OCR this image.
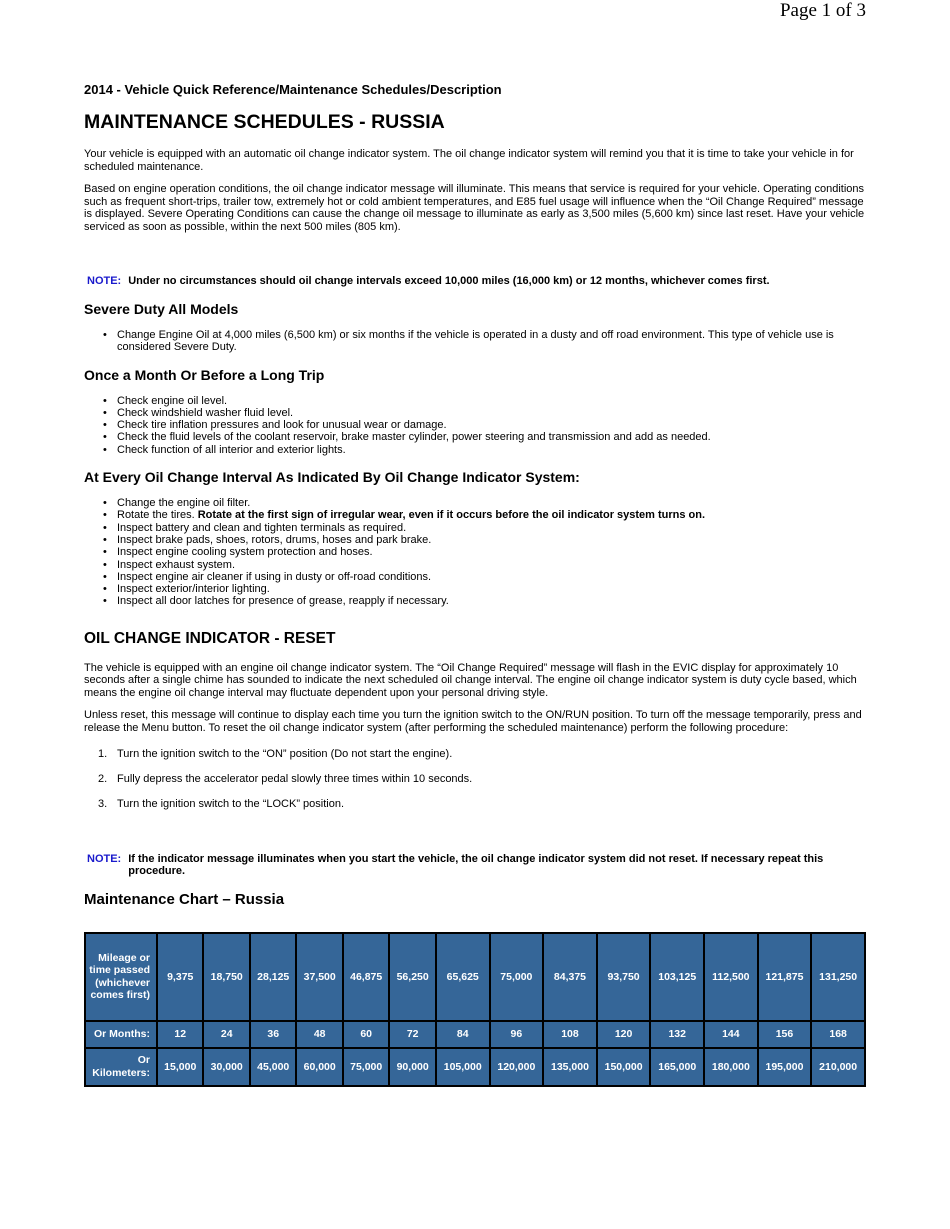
Page 1 of 3
2014 - Vehicle Quick Reference/Maintenance Schedules/Description
MAINTENANCE SCHEDULES - RUSSIA

Your vehicle is equipped with an automatic oil change indicator system. The oil change indicator system will remind you that it is time to take your vehicle in for scheduled maintenance.

Based on engine operation conditions, the oil change indicator message will illuminate. This means that service is required for your vehicle. Operating conditions such as frequent short-trips, trailer tow, extremely hot or cold ambient temperatures, and E85 fuel usage will influence when the “Oil Change Required” message is displayed. Severe Operating Conditions can cause the change oil message to illuminate as early as 3,500 miles (5,600 km) since last reset. Have your vehicle serviced as soon as possible, within the next 500 miles (805 km).

NOTE: Under no circumstances should oil change intervals exceed 10,000 miles (16,000 km) or 12 months, whichever comes first.
Severe Duty All Models
• Change Engine Oil at 4,000 miles (6,500 km) or six months if the vehicle is operated in a dusty and off road environment. This type of vehicle use is considered Severe Duty.
Once a Month Or Before a Long Trip
• Check engine oil level.
• Check windshield washer fluid level.
• Check tire inflation pressures and look for unusual wear or damage.
• Check the fluid levels of the coolant reservoir, brake master cylinder, power steering and transmission and add as needed.
• Check function of all interior and exterior lights.
At Every Oil Change Interval As Indicated By Oil Change Indicator System:
• Change the engine oil filter.
• Rotate the tires. Rotate at the first sign of irregular wear, even if it occurs before the oil indicator system turns on.
• Inspect battery and clean and tighten terminals as required.
• Inspect brake pads, shoes, rotors, drums, hoses and park brake.
• Inspect engine cooling system protection and hoses.
• Inspect exhaust system.
• Inspect engine air cleaner if using in dusty or off-road conditions.
• Inspect exterior/interior lighting.
• Inspect all door latches for presence of grease, reapply if necessary.
OIL CHANGE INDICATOR - RESET

The vehicle is equipped with an engine oil change indicator system. The “Oil Change Required” message will flash in the EVIC display for approximately 10 seconds after a single chime has sounded to indicate the next scheduled oil change interval. The engine oil change indicator system is duty cycle based, which means the engine oil change interval may fluctuate dependent upon your personal driving style.

Unless reset, this message will continue to display each time you turn the ignition switch to the ON/RUN position. To turn off the message temporarily, press and release the Menu button. To reset the oil change indicator system (after performing the scheduled maintenance) perform the following procedure:

1. Turn the ignition switch to the “ON” position (Do not start the engine).
2. Fully depress the accelerator pedal slowly three times within 10 seconds.
3. Turn the ignition switch to the “LOCK” position.
NOTE: If the indicator message illuminates when you start the vehicle, the oil change indicator system did not reset. If necessary repeat this procedure.
Maintenance Chart – Russia
Mileage or time passed (whichever comes first)	9,375	18,750	28,125	37,500	46,875	56,250	65,625	75,000	84,375	93,750	103,125	112,500	121,875	131,250
Or Months:	12	24	36	48	60	72	84	96	108	120	132	144	156	168
Or Kilometers:	15,000	30,000	45,000	60,000	75,000	90,000	105,000	120,000	135,000	150,000	165,000	180,000	195,000	210,000
